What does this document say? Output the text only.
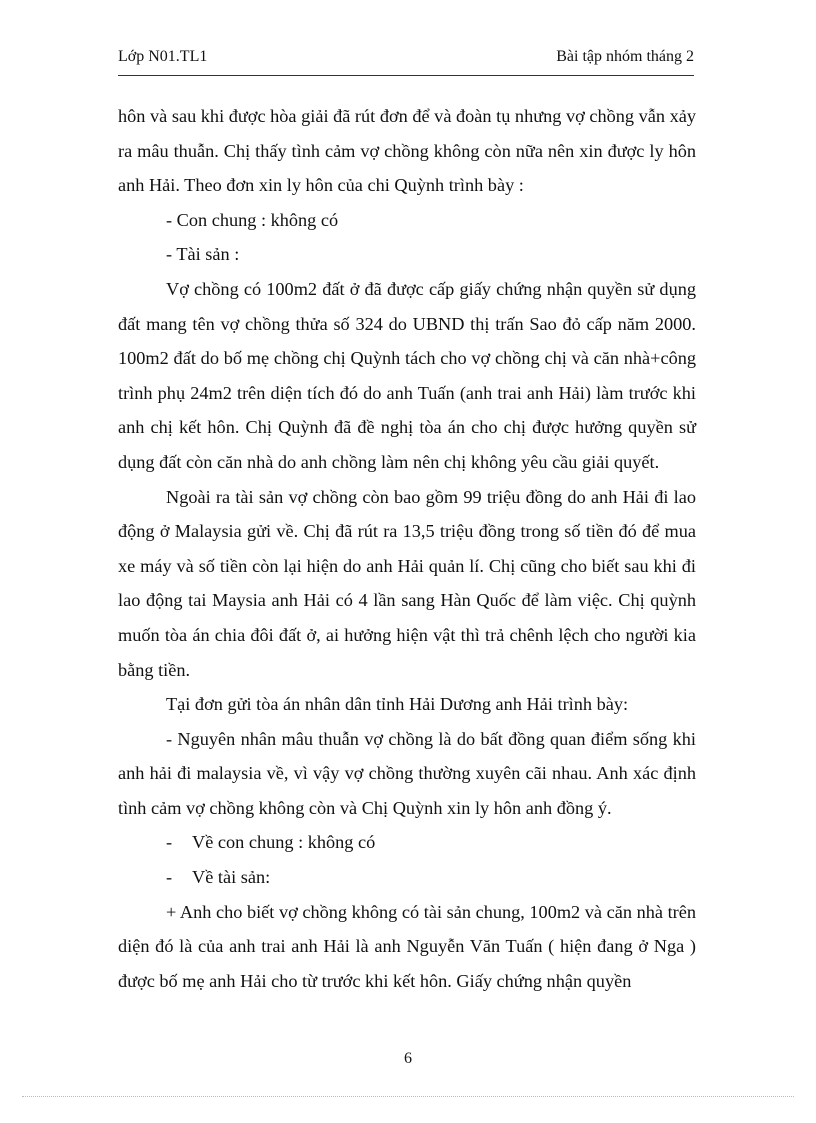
Lớp N01.TL1	Bài tập nhóm tháng 2

hôn và sau khi được hòa giải đã rút đơn để và đoàn tụ nhưng vợ chồng vẫn xảy ra mâu thuẫn. Chị thấy tình cảm vợ chồng không còn nữa nên xin được ly hôn anh Hải. Theo đơn xin ly hôn của chi Quỳnh trình bày :

- Con chung : không có

- Tài sản :

Vợ chồng có 100m2 đất ở đã được cấp giấy chứng nhận quyền sử dụng đất mang tên vợ chồng thửa số 324 do UBND thị trấn Sao đỏ cấp năm 2000. 100m2 đất do bố mẹ chồng chị Quỳnh tách cho vợ chồng chị và căn nhà+công trình phụ 24m2 trên diện tích đó do anh Tuấn (anh trai anh Hải) làm trước khi anh chị kết hôn. Chị Quỳnh đã đề nghị tòa án cho chị được hưởng quyền sử dụng đất còn căn nhà do anh chồng làm nên chị không yêu cầu giải quyết.

Ngoài ra tài sản vợ chồng còn bao gồm 99 triệu đồng do anh Hải đi lao động ở Malaysia gửi về. Chị đã rút ra 13,5 triệu đồng trong số tiền đó để mua xe máy và số tiền còn lại hiện do anh Hải quản lí. Chị cũng cho biết sau khi đi lao động tai Maysia anh Hải có 4 lần sang Hàn Quốc để làm việc. Chị quỳnh muốn tòa án chia đôi đất ở, ai hưởng hiện vật thì trả chênh lệch cho người kia bằng tiền.

Tại đơn gửi tòa án nhân dân tỉnh Hải Dương anh Hải trình bày:

- Nguyên nhân mâu thuẫn vợ chồng là do bất đồng quan điểm sống khi anh hải đi malaysia về, vì vậy vợ chồng thường xuyên cãi nhau. Anh xác định tình cảm vợ chồng không còn và Chị Quỳnh xin ly hôn anh đồng ý.

- Về con chung : không có

- Về tài sản:

+ Anh cho biết vợ chồng không có tài sản chung, 100m2 và căn nhà trên diện đó là của anh trai anh Hải là anh Nguyễn Văn Tuấn ( hiện đang ở Nga ) được bố mẹ anh Hải cho từ trước khi kết hôn. Giấy chứng nhận quyền

6
